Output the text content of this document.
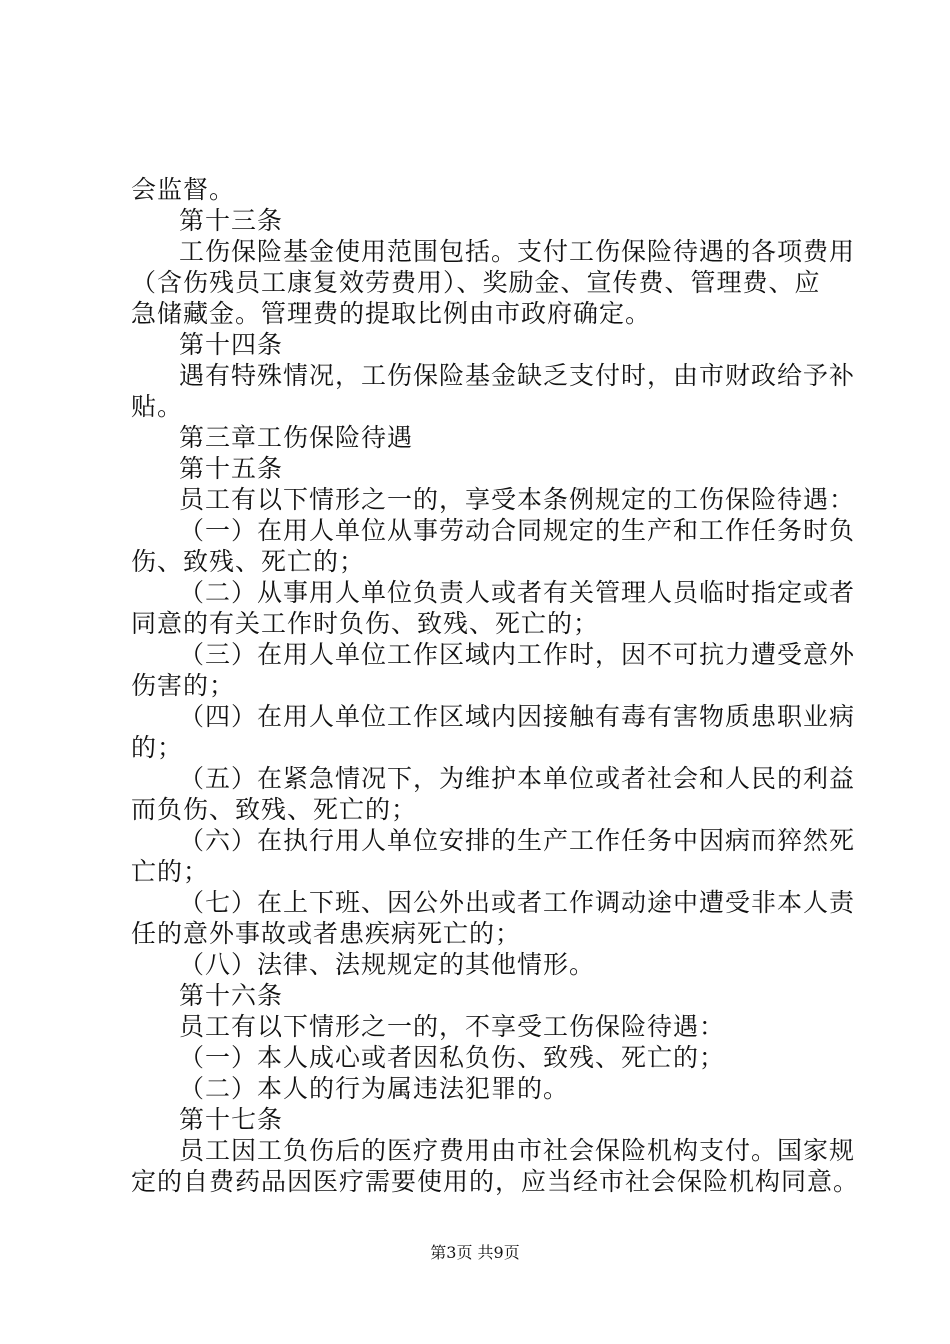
会监督。
第十三条
工伤保险基金使用范围包括。支付工伤保险待遇的各项费用
（含伤残员工康复效劳费用）、奖励金、宣传费、管理费、应
急储藏金。管理费的提取比例由市政府确定。
第十四条
遇有特殊情况，工伤保险基金缺乏支付时，由市财政给予补
贴。
第三章工伤保险待遇
第十五条
员工有以下情形之一的，享受本条例规定的工伤保险待遇：
（一）在用人单位从事劳动合同规定的生产和工作任务时负
伤、致残、死亡的；
（二）从事用人单位负责人或者有关管理人员临时指定或者
同意的有关工作时负伤、致残、死亡的；
（三）在用人单位工作区域内工作时，因不可抗力遭受意外
伤害的；
（四）在用人单位工作区域内因接触有毒有害物质患职业病
的；
（五）在紧急情况下，为维护本单位或者社会和人民的利益
而负伤、致残、死亡的；
（六）在执行用人单位安排的生产工作任务中因病而猝然死
亡的；
（七）在上下班、因公外出或者工作调动途中遭受非本人责
任的意外事故或者患疾病死亡的；
（八）法律、法规规定的其他情形。
第十六条
员工有以下情形之一的，不享受工伤保险待遇：
（一）本人成心或者因私负伤、致残、死亡的；
（二）本人的行为属违法犯罪的。
第十七条
员工因工负伤后的医疗费用由市社会保险机构支付。国家规
定的自费药品因医疗需要使用的，应当经市社会保险机构同意。
第3页 共9页
